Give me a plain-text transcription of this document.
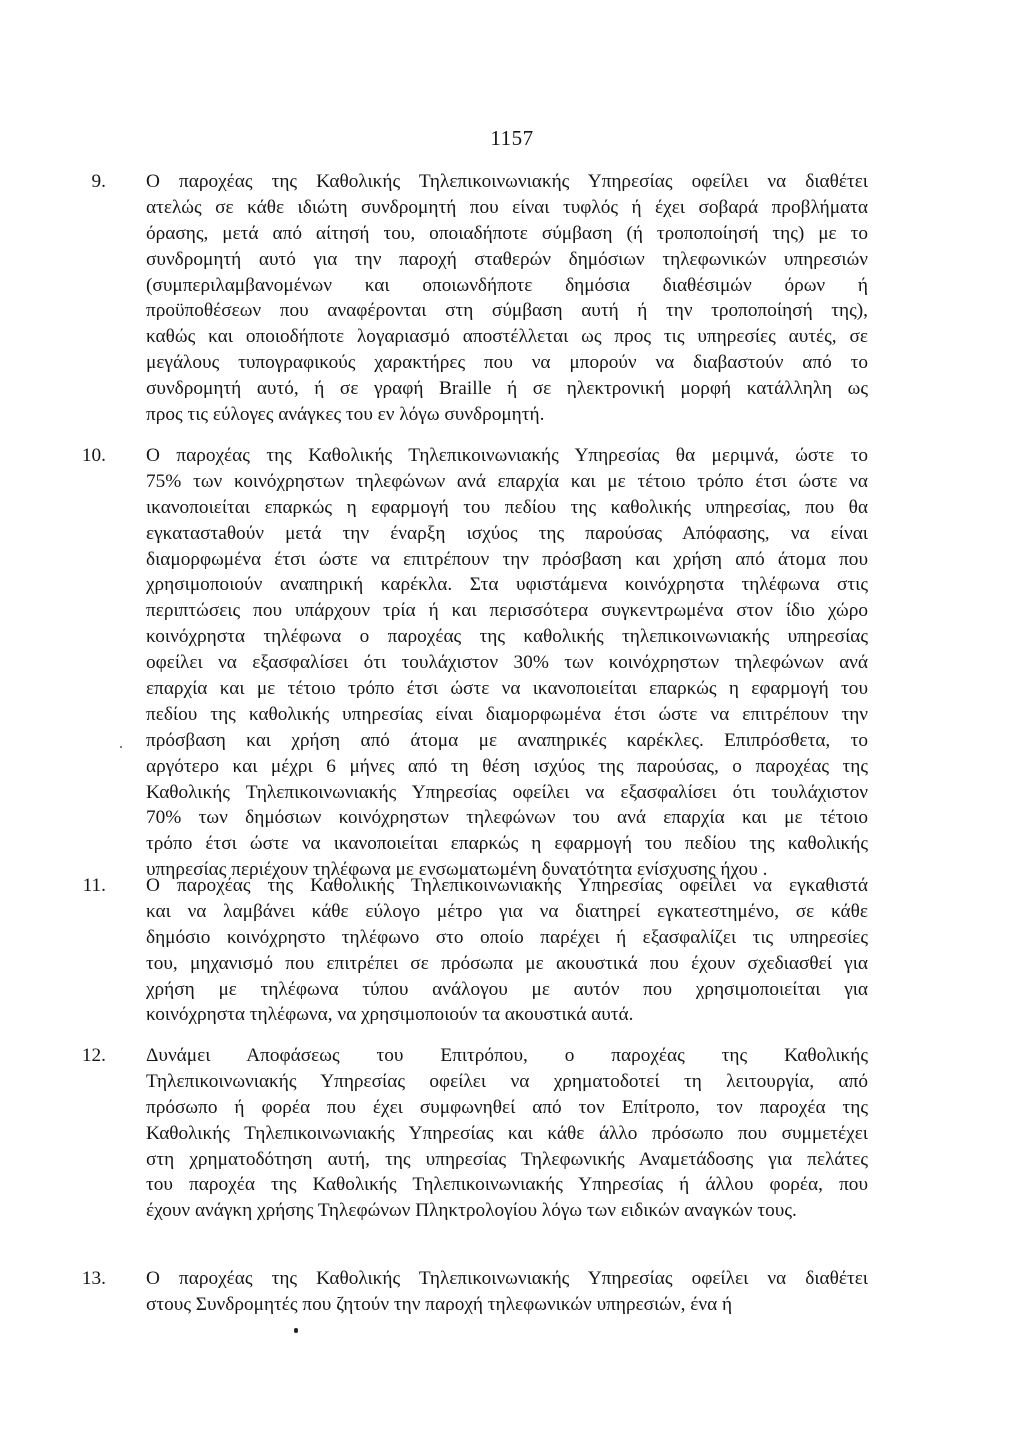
1157
9. Ο παροχέας της Καθολικής Τηλεπικοινωνιακής Υπηρεσίας οφείλει να διαθέτει
ατελώς σε κάθε ιδιώτη συνδρομητή που είναι τυφλός ή έχει σοβαρά προβλήματα
όρασης, μετά από αίτησή του, οποιαδήποτε σύμβαση (ή τροποποίησή της) με το
συνδρομητή αυτό για την παροχή σταθερών δημόσιων τηλεφωνικών υπηρεσιών
(συμπεριλαμβανομένων και οποιωνδήποτε δημόσια διαθέσιμών όρων ή
προϋποθέσεων που αναφέρονται στη σύμβαση αυτή ή την τροποποίησή της),
καθώς και οποιοδήποτε λογαριασμό αποστέλλεται ως προς τις υπηρεσίες αυτές, σε
μεγάλους τυπογραφικούς χαρακτήρες που να μπορούν να διαβαστούν από το
συνδρομητή αυτό, ή σε γραφή Braille ή σε ηλεκτρονική μορφή κατάλληλη ως
προς τις εύλογες ανάγκες του εν λόγω συνδρομητή.
10. Ο παροχέας της Καθολικής Τηλεπικοινωνιακής Υπηρεσίας θα μεριμνά, ώστε το
75% των κοινόχρηστων τηλεφώνων ανά επαρχία και με τέτοιο τρόπο έτσι ώστε να
ικανοποιείται επαρκώς η εφαρμογή του πεδίου της καθολικής υπηρεσίας, που θα
εγκαταστaθούν μετά την έναρξη ισχύος της παρούσας Απόφασης, να είναι
διαμορφωμένα έτσι ώστε να επιτρέπουν την πρόσβαση και χρήση από άτομα που
χρησιμοποιούν αναπηρική καρέκλα. Στα υφιστάμενα κοινόχρηστα τηλέφωνα στις
περιπτώσεις που υπάρχουν τρία ή και περισσότερα συγκεντρωμένα στον ίδιο χώρο
κοινόχρηστα τηλέφωνα ο παροχέας της καθολικής τηλεπικοινωνιακής υπηρεσίας
οφείλει να εξασφαλίσει ότι τουλάχιστον 30% των κοινόχρηστων τηλεφώνων ανά
επαρχία και με τέτοιο τρόπο έτσι ώστε να ικανοποιείται επαρκώς η εφαρμογή του
πεδίου της καθολικής υπηρεσίας είναι διαμορφωμένα έτσι ώστε να επιτρέπουν την
πρόσβαση και χρήση από άτομα με αναπηρικές καρέκλες. Επιπρόσθετα, το
αργότερο και μέχρι 6 μήνες από τη θέση ισχύος της παρούσας, ο παροχέας της
Καθολικής Τηλεπικοινωνιακής Υπηρεσίας οφείλει να εξασφαλίσει ότι τουλάχιστον
70% των δημόσιων κοινόχρηστων τηλεφώνων του ανά επαρχία και με τέτοιο
τρόπο έτσι ώστε να ικανοποιείται επαρκώς η εφαρμογή του πεδίου της καθολικής
υπηρεσίας περιέχουν τηλέφωνα με ενσωματωμένη δυνατότητα ενίσχυσης ήχου .
11. Ο παροχέας της Καθολικής Τηλεπικοινωνιακής Υπηρεσίας οφείλει να εγκαθιστά
και να λαμβάνει κάθε εύλογο μέτρο για να διατηρεί εγκατεστημένο, σε κάθε
δημόσιο κοινόχρηστο τηλέφωνο στο οποίο παρέχει ή εξασφαλίζει τις υπηρεσίες
του, μηχανισμό που επιτρέπει σε πρόσωπα με ακουστικά που έχουν σχεδιασθεί για
χρήση με τηλέφωνα τύπου ανάλογου με αυτόν που χρησιμοποιείται για
κοινόχρηστα τηλέφωνα, να χρησιμοποιούν τα ακουστικά αυτά.
12. Δυνάμει Αποφάσεως του Επιτρόπου, ο παροχέας της Καθολικής
Τηλεπικοινωνιακής Υπηρεσίας οφείλει να χρηματοδοτεί τη λειτουργία, από
πρόσωπο ή φορέα που έχει συμφωνηθεί από τον Επίτροπο, τον παροχέα της
Καθολικής Τηλεπικοινωνιακής Υπηρεσίας και κάθε άλλο πρόσωπο που συμμετέχει
στη χρηματοδότηση αυτή, της υπηρεσίας Τηλεφωνικής Αναμετάδοσης για πελάτες
του παροχέα της Καθολικής Τηλεπικοινωνιακής Υπηρεσίας ή άλλου φορέα, που
έχουν ανάγκη χρήσης Τηλεφώνων Πληκτρολογίου λόγω των ειδικών αναγκών τους.
13. Ο παροχέας της Καθολικής Τηλεπικοινωνιακής Υπηρεσίας οφείλει να διαθέτει
στους Συνδρομητές που ζητούν την παροχή τηλεφωνικών υπηρεσιών, ένα ή
